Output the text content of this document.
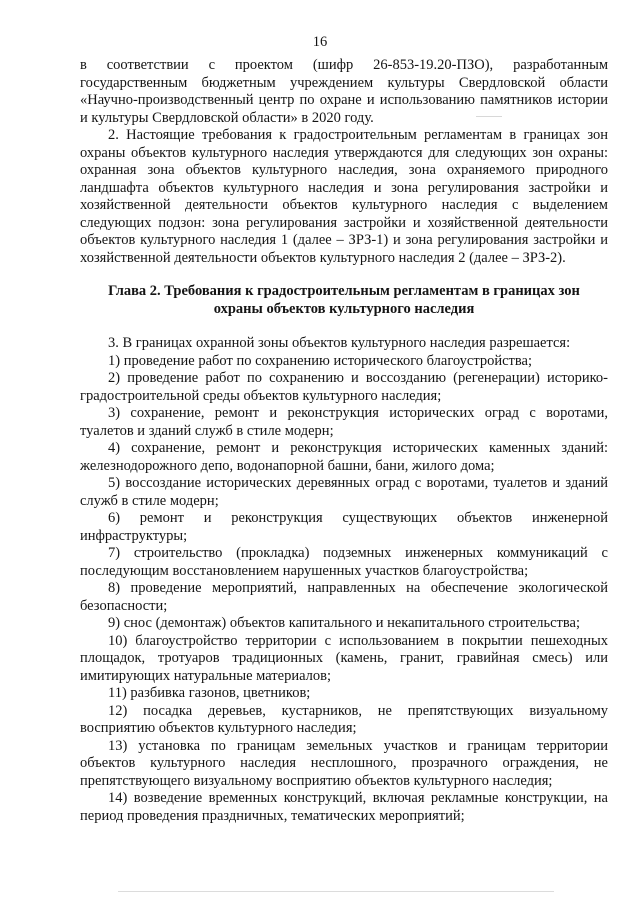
16

в соответствии с проектом (шифр 26-853-19.20-ПЗО), разработанным государственным бюджетным учреждением культуры Свердловской области «Научно-производственный центр по охране и использованию памятников истории и культуры Свердловской области» в 2020 году.

2. Настоящие требования к градостроительным регламентам в границах зон охраны объектов культурного наследия утверждаются для следующих зон охраны: охранная зона объектов культурного наследия, зона охраняемого природного ландшафта объектов культурного наследия и зона регулирования застройки и хозяйственной деятельности объектов культурного наследия с выделением следующих подзон: зона регулирования застройки и хозяйственной деятельности объектов культурного наследия 1 (далее – ЗРЗ-1) и зона регулирования застройки и хозяйственной деятельности объектов культурного наследия 2 (далее – ЗРЗ-2).

Глава 2. Требования к градостроительным регламентам в границах зон охраны объектов культурного наследия

3. В границах охранной зоны объектов культурного наследия разрешается:

1) проведение работ по сохранению исторического благоустройства;

2) проведение работ по сохранению и воссозданию (регенерации) историко-градостроительной среды объектов культурного наследия;

3) сохранение, ремонт и реконструкция исторических оград с воротами, туалетов и зданий служб в стиле модерн;

4) сохранение, ремонт и реконструкция исторических каменных зданий: железнодорожного депо, водонапорной башни, бани, жилого дома;

5) воссоздание исторических деревянных оград с воротами, туалетов и зданий служб в стиле модерн;

6) ремонт и реконструкция существующих объектов инженерной инфраструктуры;

7) строительство (прокладка) подземных инженерных коммуникаций с последующим восстановлением нарушенных участков благоустройства;

8) проведение мероприятий, направленных на обеспечение экологической безопасности;

9) снос (демонтаж) объектов капитального и некапитального строительства;

10) благоустройство территории с использованием в покрытии пешеходных площадок, тротуаров традиционных (камень, гранит, гравийная смесь) или имитирующих натуральные материалов;

11) разбивка газонов, цветников;

12) посадка деревьев, кустарников, не препятствующих визуальному восприятию объектов культурного наследия;

13) установка по границам земельных участков и границам территории объектов культурного наследия несплошного, прозрачного ограждения, не препятствующего визуальному восприятию объектов культурного наследия;

14) возведение временных конструкций, включая рекламные конструкции, на период проведения праздничных, тематических мероприятий;
